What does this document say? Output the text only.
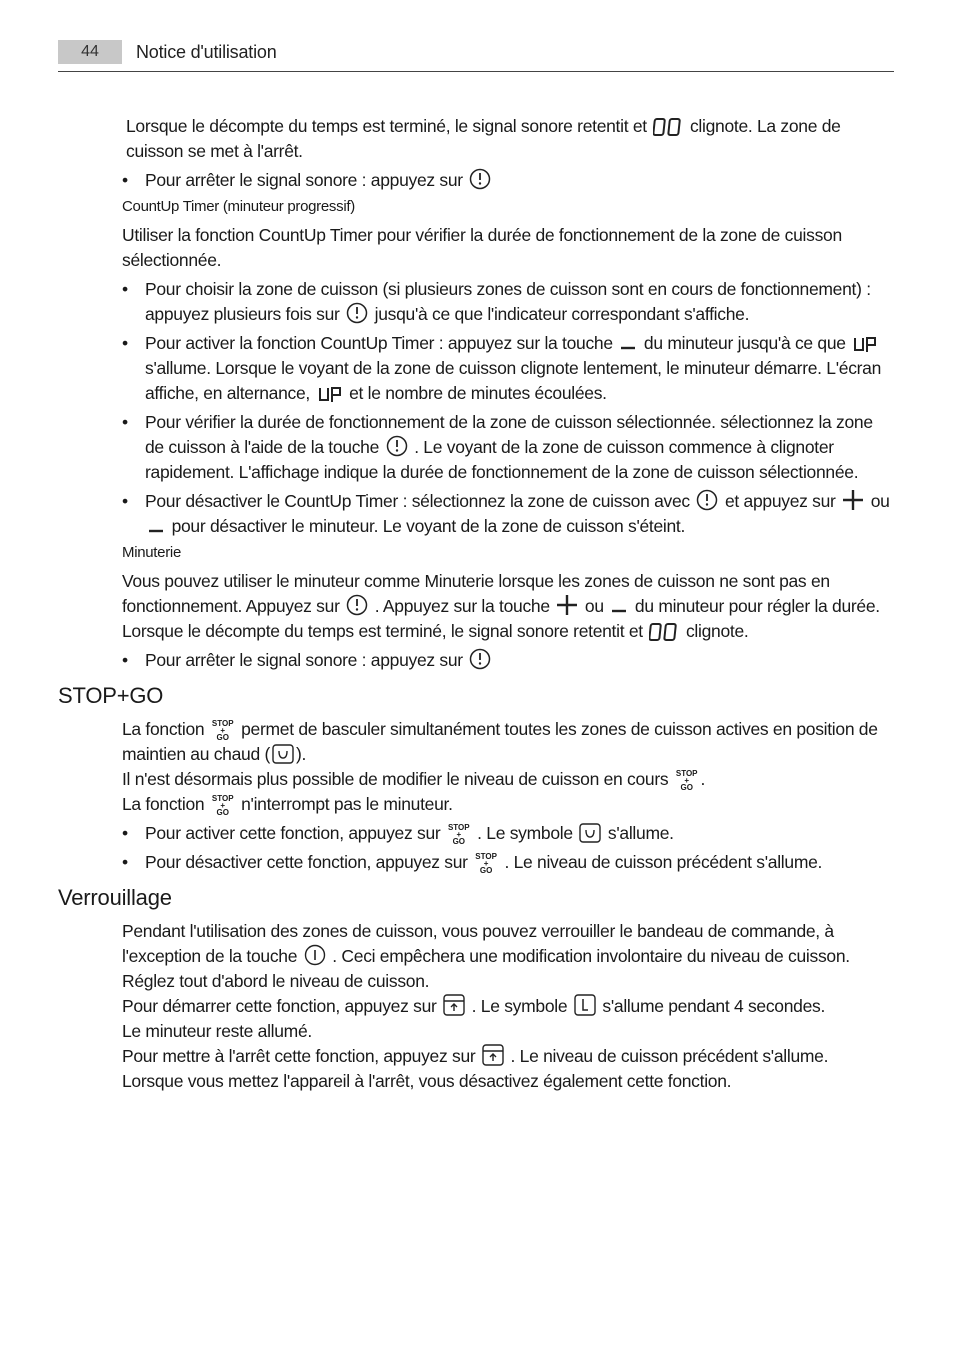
44	Notice d'utilisation

Lorsque le décompte du temps est terminé, le signal sonore retentit et clignote. La zone de cuisson se met à l'arrêt.

• Pour arrêter le signal sonore : appuyez sur

CountUp Timer (minuteur progressif)

Utiliser la fonction CountUp Timer pour vérifier la durée de fonctionnement de la zone de cuisson sélectionnée.

• Pour choisir la zone de cuisson (si plusieurs zones de cuisson sont en cours de fonctionnement) : appuyez plusieurs fois sur jusqu'à ce que l'indicateur correspondant s'affiche.
• Pour activer la fonction CountUp Timer : appuyez sur la touche du minuteur jusqu'à ce que
s'allume. Lorsque le voyant de la zone de cuisson clignote lentement, le minuteur démarre. L'écran affiche, en alternance, et le nombre de minutes écoulées.
• Pour vérifier la durée de fonctionnement de la zone de cuisson sélectionnée. sélectionnez la zone de cuisson à l'aide de la touche . Le voyant de la zone de cuisson commence à clignoter rapidement. L'affichage indique la durée de fonctionnement de la zone de cuisson sélectionnée.
• Pour désactiver le CountUp Timer : sélectionnez la zone de cuisson avec et appuyez sur ou
pour désactiver le minuteur. Le voyant de la zone de cuisson s'éteint.

Minuterie

Vous pouvez utiliser le minuteur comme Minuterie lorsque les zones de cuisson ne sont pas en fonctionnement. Appuyez sur . Appuyez sur la touche ou du minuteur pour régler la durée. Lorsque le décompte du temps est terminé, le signal sonore retentit et clignote.

• Pour arrêter le signal sonore : appuyez sur
STOP+GO

La fonction STOP
+
GO permet de basculer simultanément toutes les zones de cuisson actives en position de maintien au chaud ( ).

Il n'est désormais plus possible de modifier le niveau de cuisson en cours STOP
+
GO .

La fonction STOP
+
GO n'interrompt pas le minuteur.

• Pour activer cette fonction, appuyez sur STOP
+
GO . Le symbole s'allume.
• Pour désactiver cette fonction, appuyez sur STOP
+
GO . Le niveau de cuisson précédent s'allume.
Verrouillage

Pendant l'utilisation des zones de cuisson, vous pouvez verrouiller le bandeau de commande, à l'exception de la touche . Ceci empêchera une modification involontaire du niveau de cuisson.

Réglez tout d'abord le niveau de cuisson.

Pour démarrer cette fonction, appuyez sur . Le symbole s'allume pendant 4 secondes.

Le minuteur reste allumé.

Pour mettre à l'arrêt cette fonction, appuyez sur . Le niveau de cuisson précédent s'allume.

Lorsque vous mettez l'appareil à l'arrêt, vous désactivez également cette fonction.
